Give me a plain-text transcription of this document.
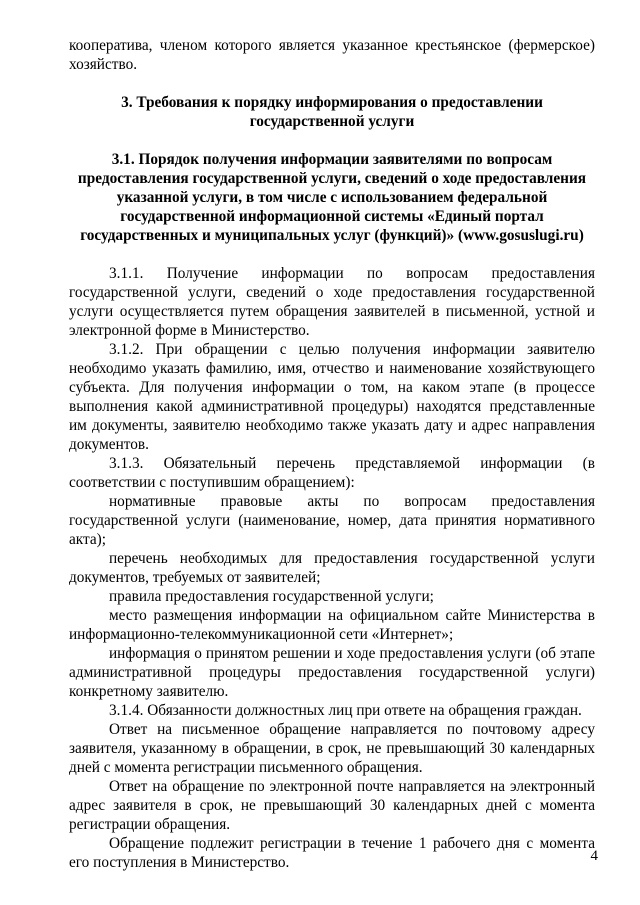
кооператива, членом которого является указанное крестьянское (фермерское) хозяйство.

3. Требования к порядку информирования о предоставлении государственной услуги

3.1. Порядок получения информации заявителями по вопросам предоставления государственной услуги, сведений о ходе предоставления указанной услуги, в том числе с использованием федеральной государственной информационной системы «Единый портал государственных и муниципальных услуг (функций)» (www.gosuslugi.ru)

3.1.1. Получение информации по вопросам предоставления государственной услуги, сведений о ходе предоставления государственной услуги осуществляется путем обращения заявителей в письменной, устной и электронной форме в Министерство.

3.1.2. При обращении с целью получения информации заявителю необходимо указать фамилию, имя, отчество и наименование хозяйствующего субъекта. Для получения информации о том, на каком этапе (в процессе выполнения какой административной процедуры) находятся представленные им документы, заявителю необходимо также указать дату и адрес направления документов.

3.1.3. Обязательный перечень представляемой информации (в соответствии с поступившим обращением):

нормативные правовые акты по вопросам предоставления государственной услуги (наименование, номер, дата принятия нормативного акта);

перечень необходимых для предоставления государственной услуги документов, требуемых от заявителей;

правила предоставления государственной услуги;

место размещения информации на официальном сайте Министерства в информационно-телекоммуникационной сети «Интернет»;

информация о принятом решении и ходе предоставления услуги (об этапе административной процедуры предоставления государственной услуги) конкретному заявителю.

3.1.4. Обязанности должностных лиц при ответе на обращения граждан.

Ответ на письменное обращение направляется по почтовому адресу заявителя, указанному в обращении, в срок, не превышающий 30 календарных дней с момента регистрации письменного обращения.

Ответ на обращение по электронной почте направляется на электронный адрес заявителя в срок, не превышающий 30 календарных дней с момента регистрации обращения.

Обращение подлежит регистрации в течение 1 рабочего дня с момента его поступления в Министерство.	4
